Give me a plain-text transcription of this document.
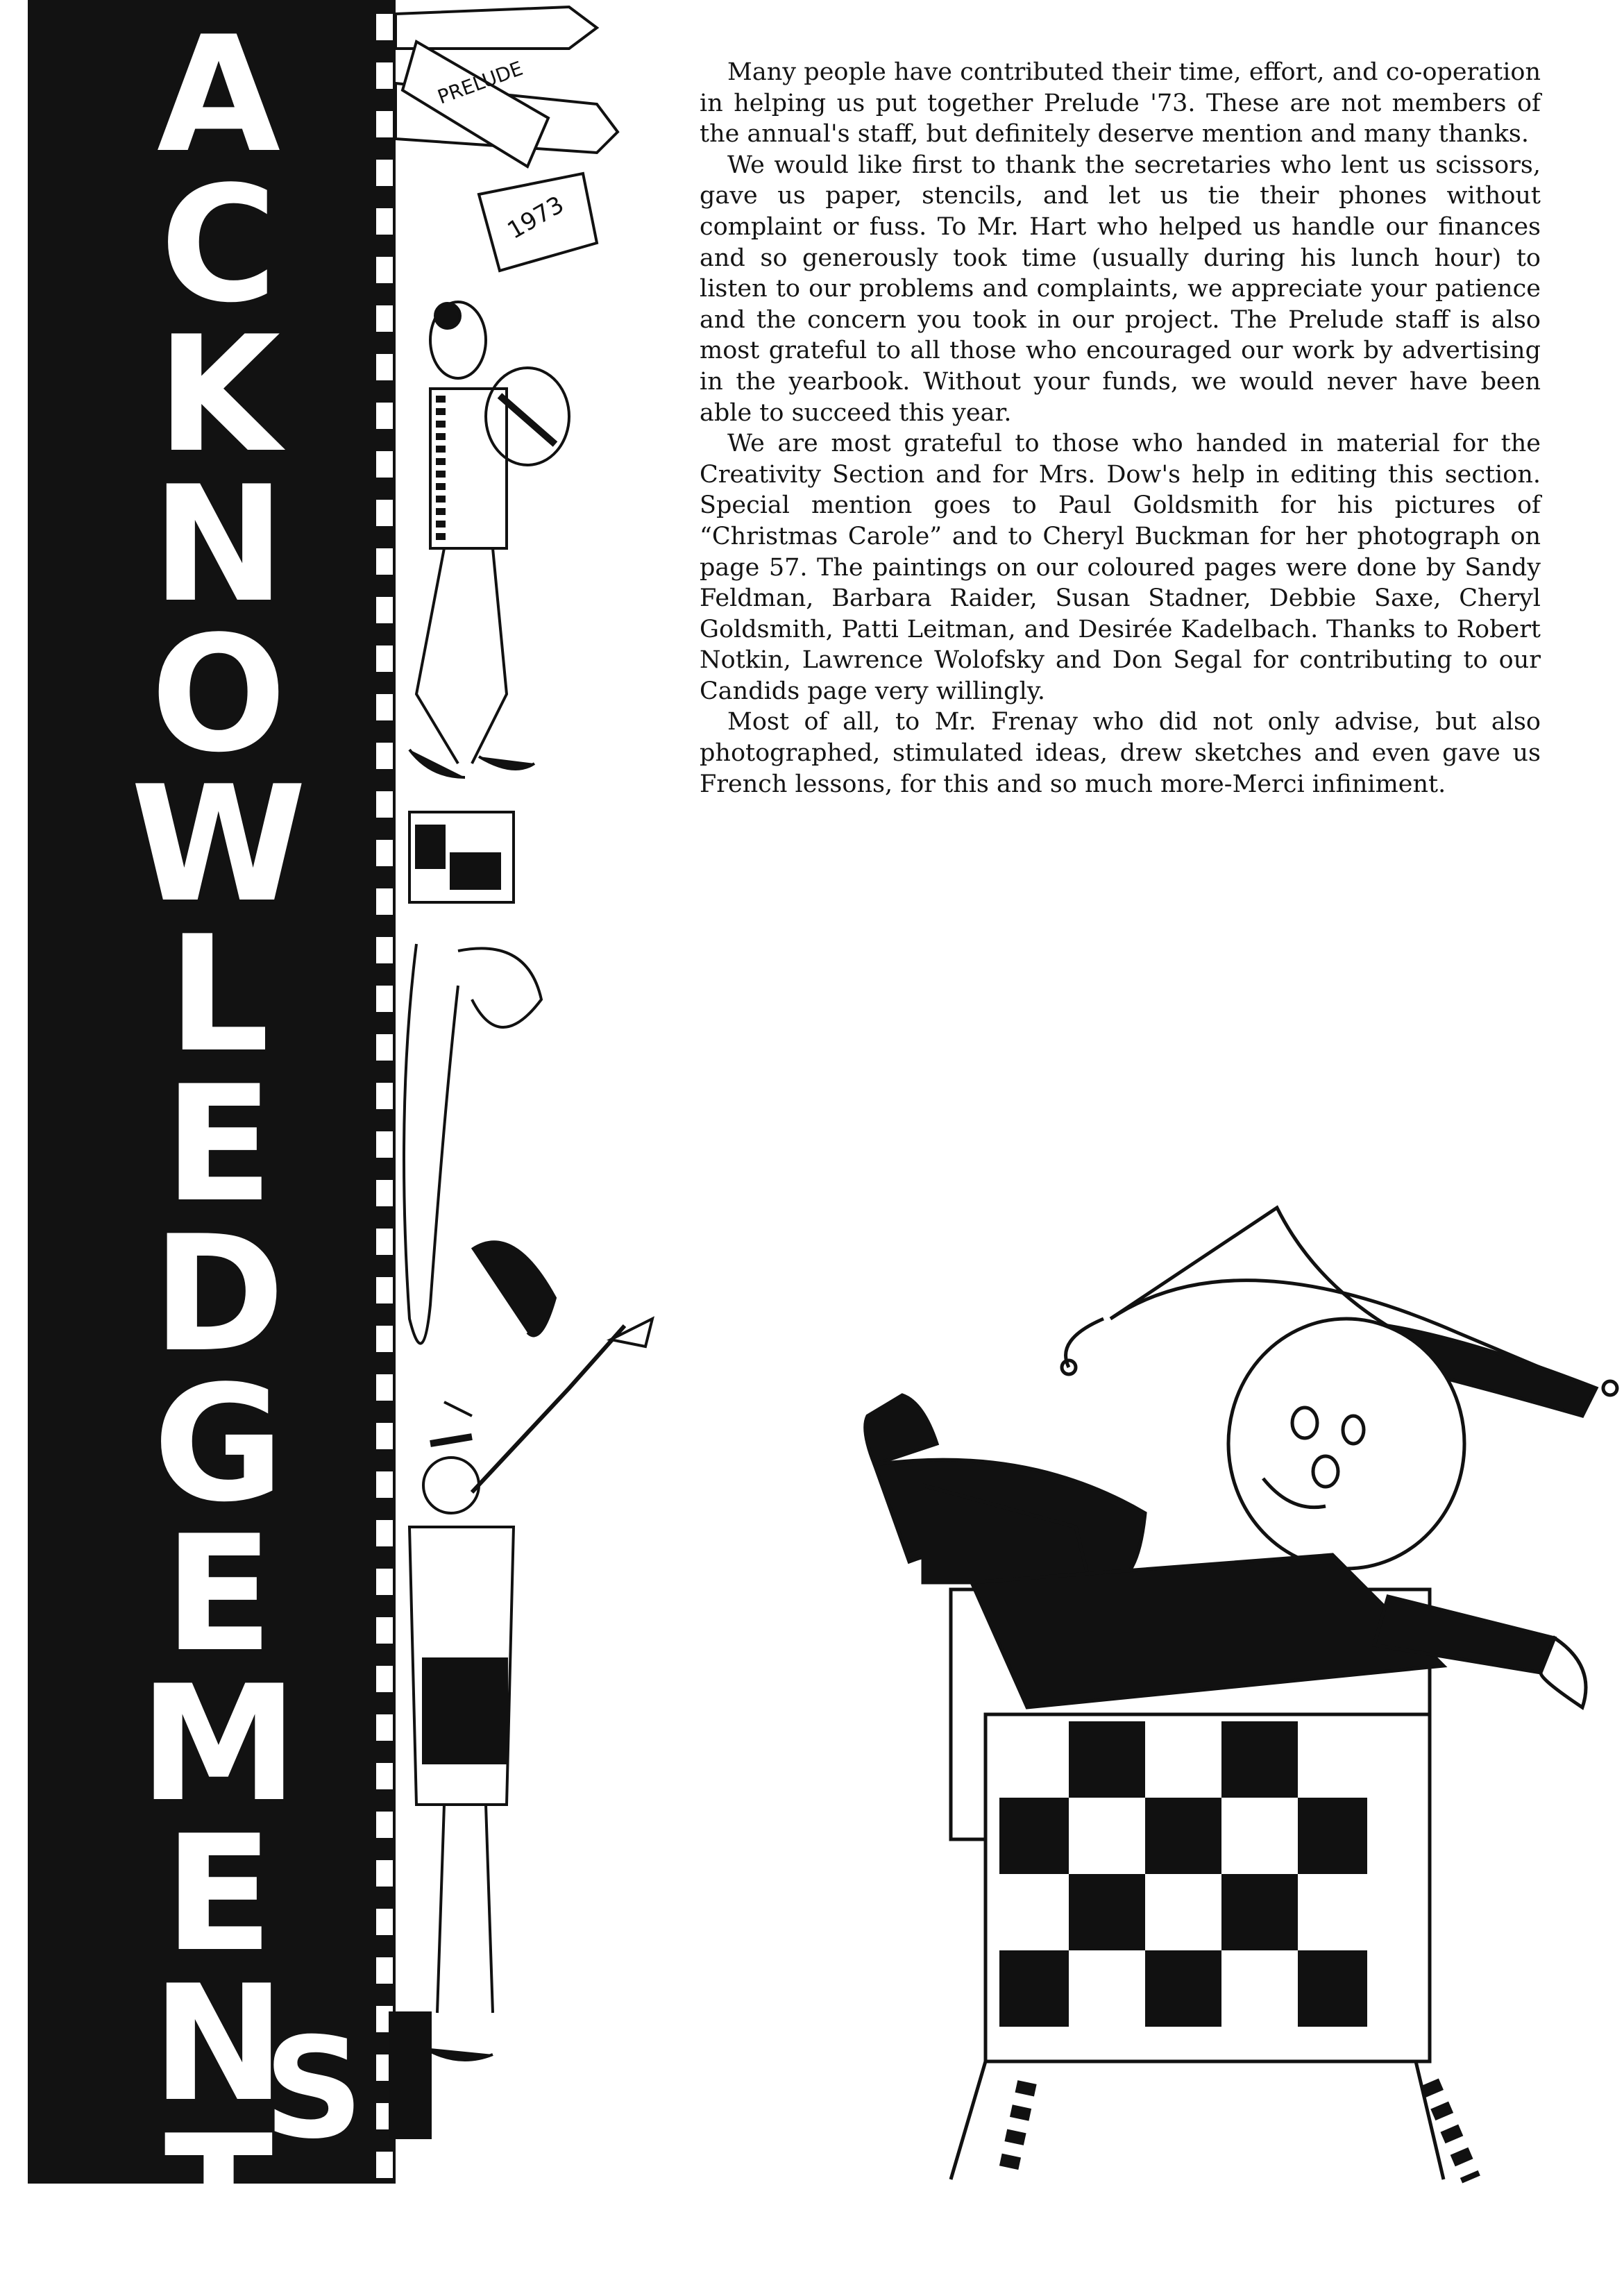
A
C
K
N
O
W
L
E
D
G
E
M
E
N
T
PRELUDE
1973

Many people have contributed their time, effort, and co-operation in helping us put together Prelude '73. These are not members of the annual's staff, but definitely deserve mention and many thanks.

We would like first to thank the secretaries who lent us scissors, gave us paper, stencils, and let us tie their phones without complaint or fuss. To Mr. Hart who helped us handle our finances and so generously took time (usually during his lunch hour) to listen to our problems and complaints, we appreciate your patience and the concern you took in our project. The Prelude staff is also most grateful to all those who encouraged our work by advertising in the yearbook. Without your funds, we would never have been able to succeed this year.

We are most grateful to those who handed in material for the Creativity Section and for Mrs. Dow's help in editing this section. Special mention goes to Paul Goldsmith for his pictures of “Christmas Carole” and to Cheryl Buckman for her photograph on page 57. The paintings on our coloured pages were done by Sandy Feldman, Barbara Raider, Susan Stadner, Debbie Saxe, Cheryl Goldsmith, Patti Leitman, and Desirée Kadelbach. Thanks to Robert Notkin, Lawrence Wolofsky and Don Segal for contributing to our Candids page very willingly.

Most of all, to Mr. Frenay who did not only advise, but also photographed, stimulated ideas, drew sketches and even gave us French lessons, for this and so much more-Merci infiniment.

S
